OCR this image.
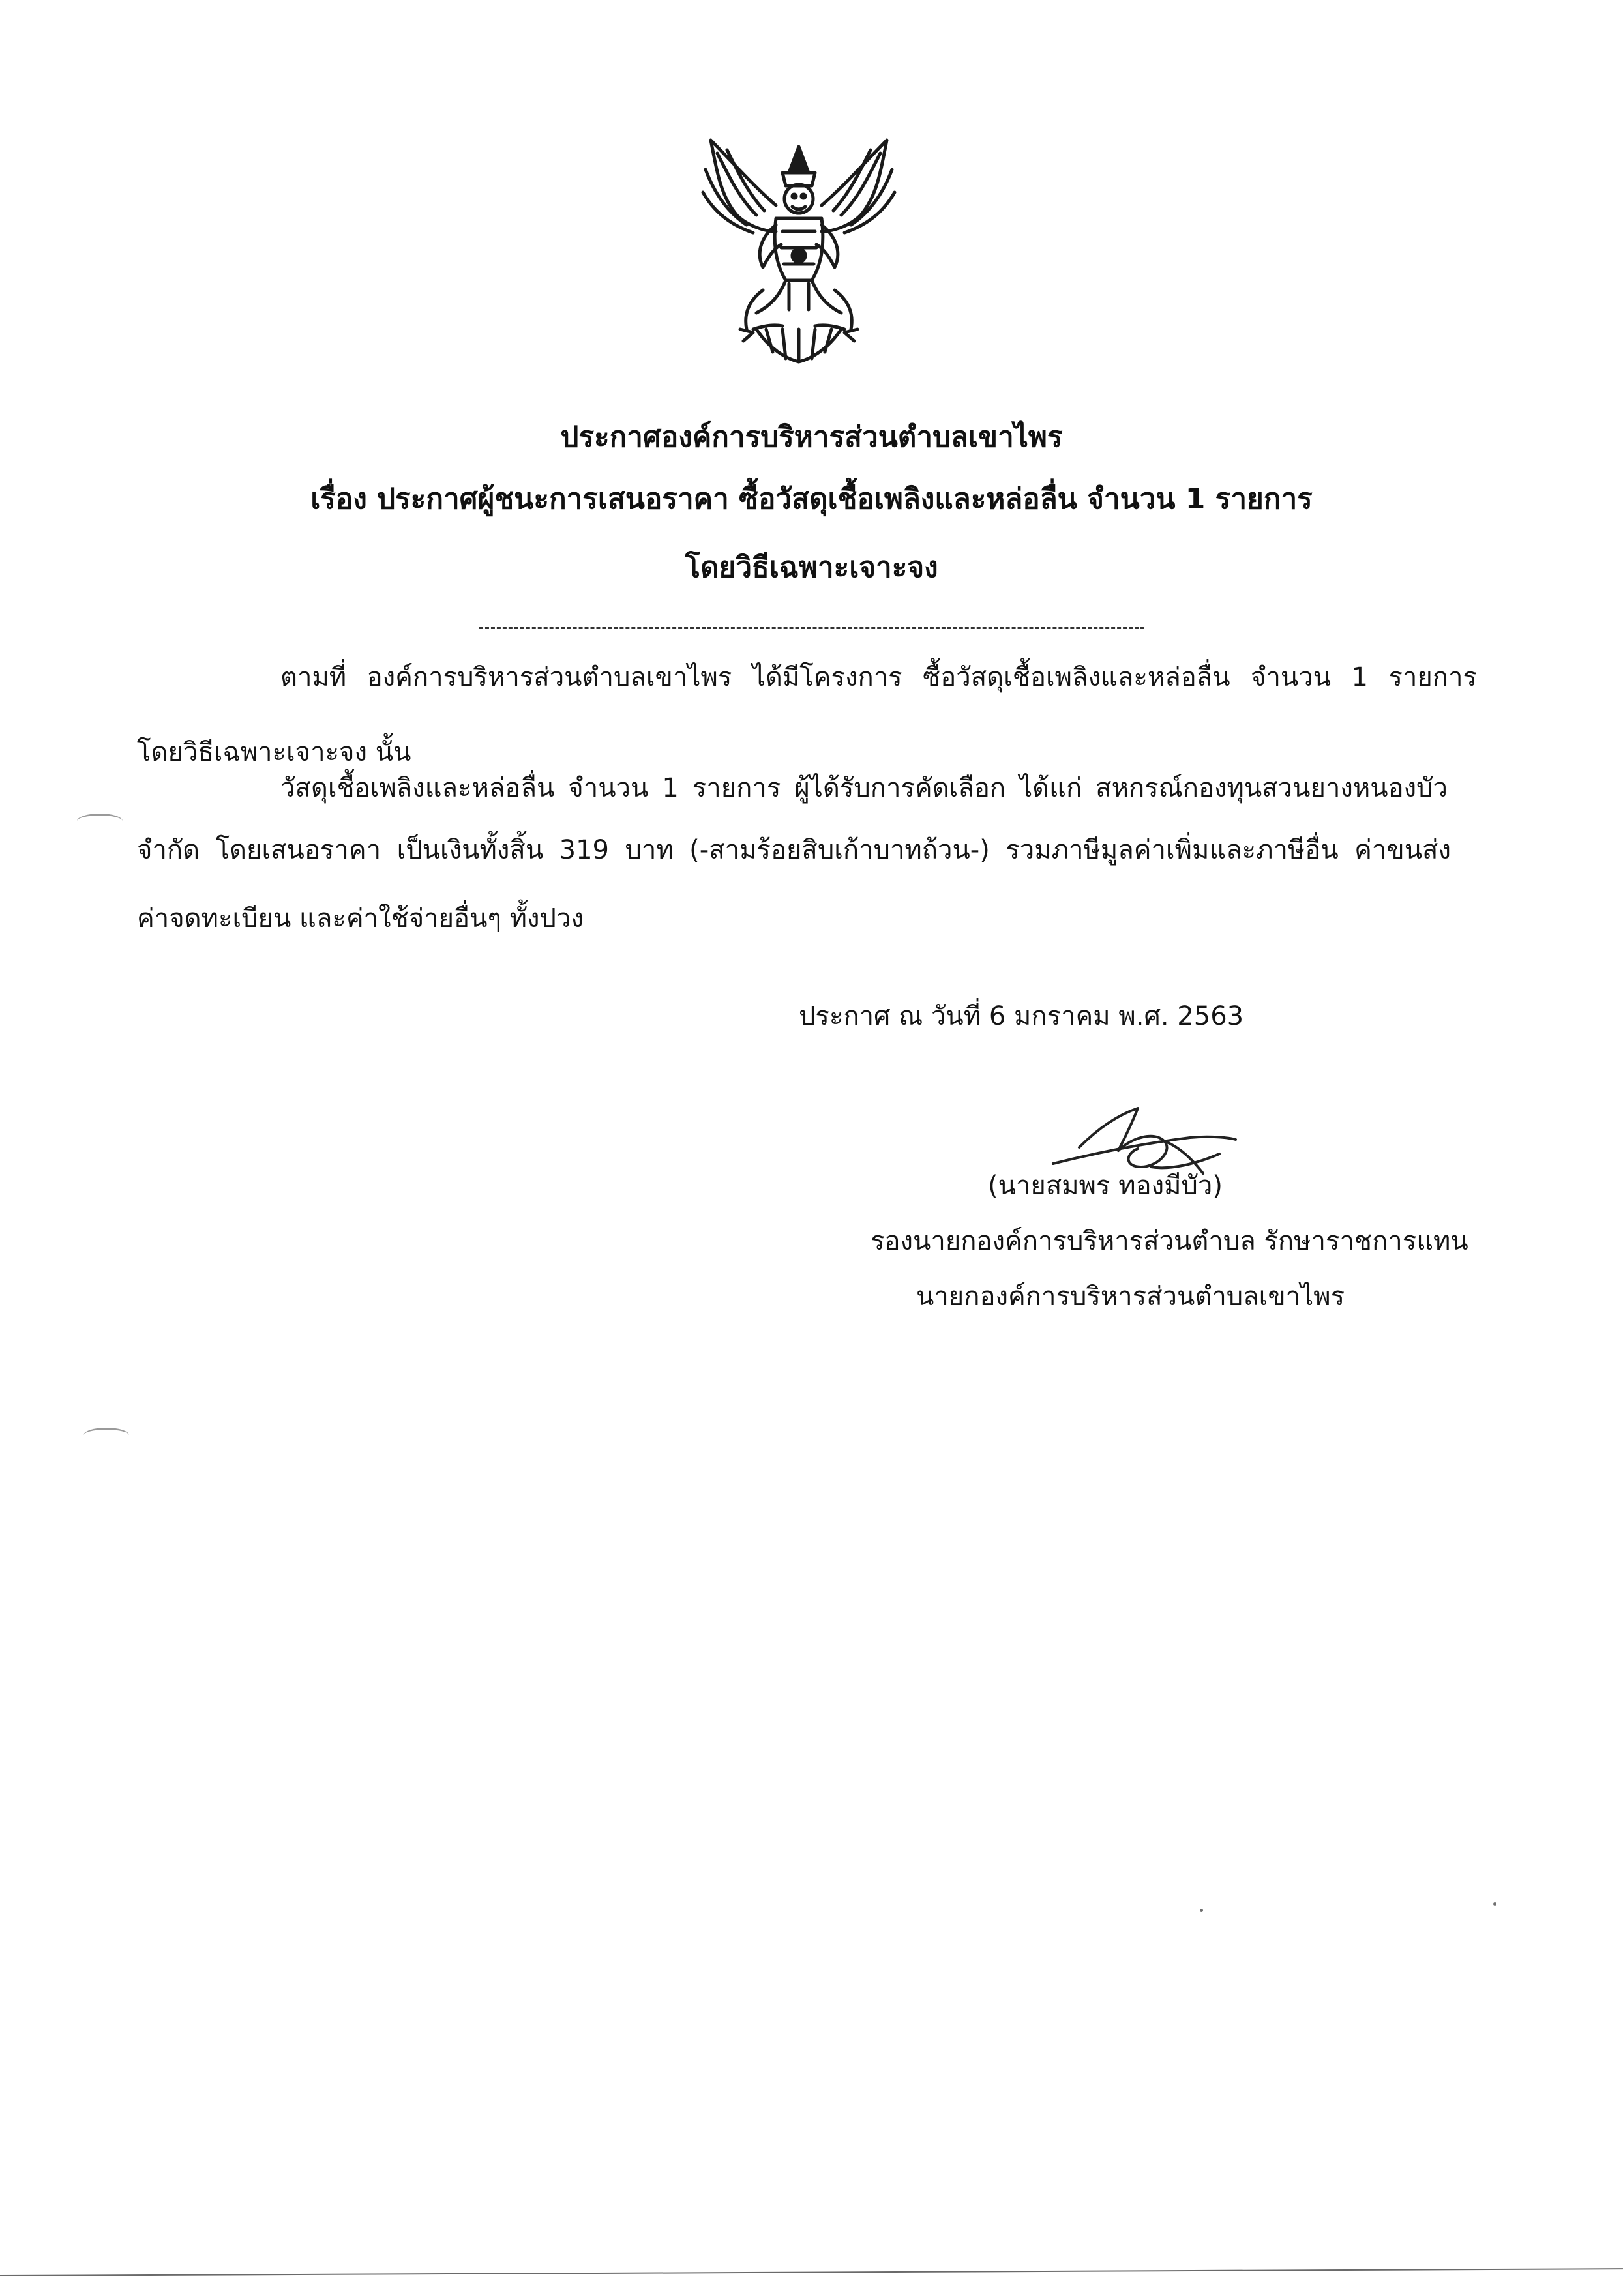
ประกาศองค์การบริหารส่วนตำบลเขาไพร
เรื่อง ประกาศผู้ชนะการเสนอราคา ซื้อวัสดุเชื้อเพลิงและหล่อลื่น จำนวน 1 รายการ
โดยวิธีเฉพาะเจาะจง
ตามที่ องค์การบริหารส่วนตำบลเขาไพร ได้มีโครงการ ซื้อวัสดุเชื้อเพลิงและหล่อลื่น จำนวน 1 รายการ
โดยวิธีเฉพาะเจาะจง นั้น
วัสดุเชื้อเพลิงและหล่อลื่น จำนวน 1 รายการ ผู้ได้รับการคัดเลือก ได้แก่ สหกรณ์กองทุนสวนยางหนองบัว
จำกัด โดยเสนอราคา เป็นเงินทั้งสิ้น 319 บาท (-สามร้อยสิบเก้าบาทถ้วน-) รวมภาษีมูลค่าเพิ่มและภาษีอื่น ค่าขนส่ง
ค่าจดทะเบียน และค่าใช้จ่ายอื่นๆ ทั้งปวง
ประกาศ ณ วันที่ 6 มกราคม พ.ศ. 2563
(นายสมพร ทองมีบัว)
รองนายกองค์การบริหารส่วนตำบล รักษาราชการแทน
นายกองค์การบริหารส่วนตำบลเขาไพร
